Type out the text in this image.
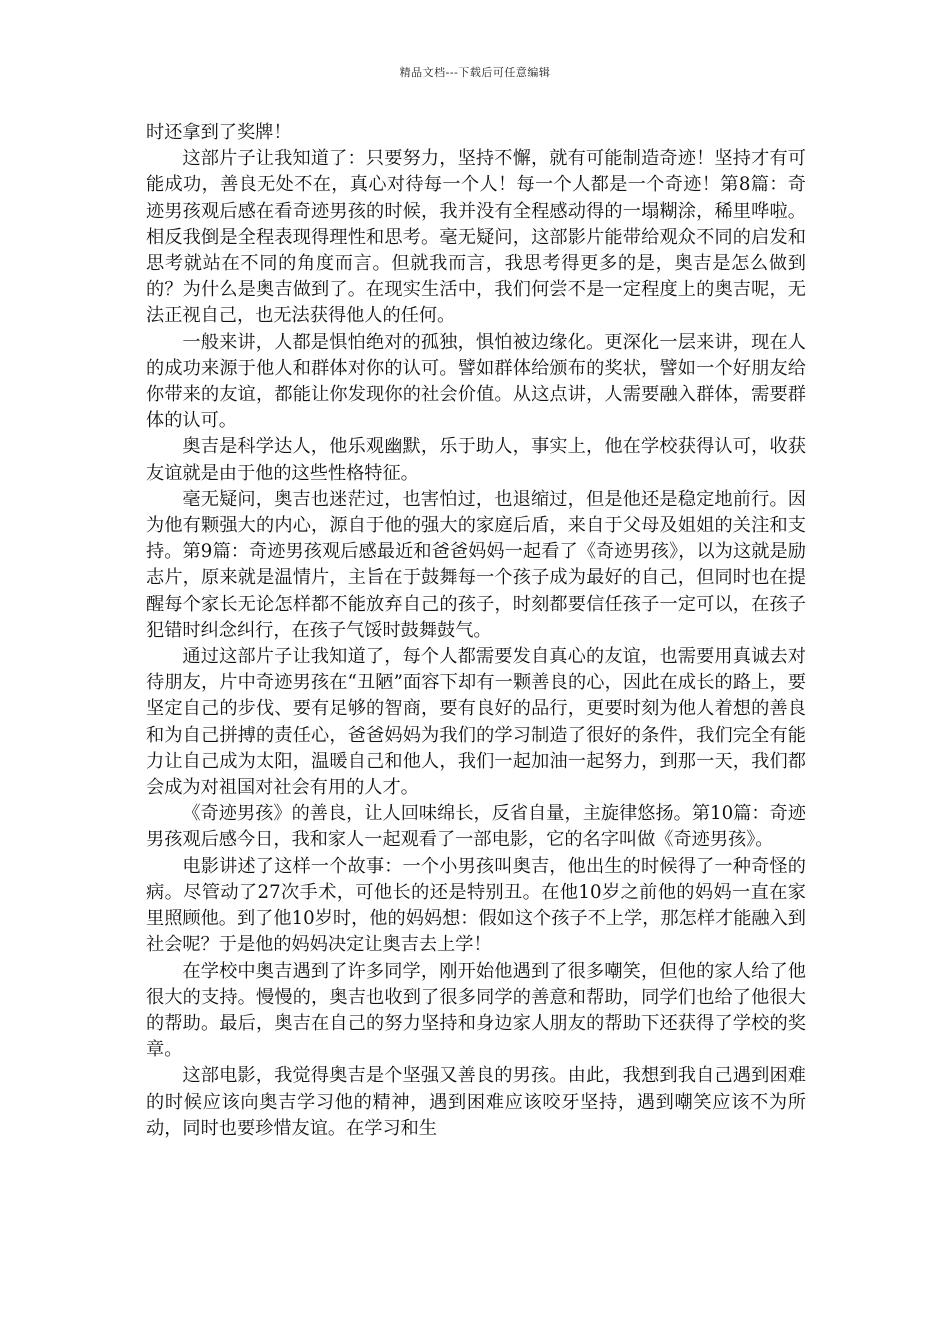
精品文档---下载后可任意编辑

时还拿到了奖牌！

这部片子让我知道了：只要努力，坚持不懈，就有可能制造奇迹！坚持才有可能成功，善良无处不在，真心对待每一个人！每一个人都是一个奇迹！第8篇：奇迹男孩观后感在看奇迹男孩的时候，我并没有全程感动得的一塌糊涂，稀里哗啦。相反我倒是全程表现得理性和思考。毫无疑问，这部影片能带给观众不同的启发和思考就站在不同的角度而言。但就我而言，我思考得更多的是，奥吉是怎么做到的？为什么是奥吉做到了。在现实生活中，我们何尝不是一定程度上的奥吉呢，无法正视自己，也无法获得他人的任何。

一般来讲，人都是惧怕绝对的孤独，惧怕被边缘化。更深化一层来讲，现在人的成功来源于他人和群体对你的认可。譬如群体给颁布的奖状，譬如一个好朋友给你带来的友谊，都能让你发现你的社会价值。从这点讲，人需要融入群体，需要群体的认可。

奥吉是科学达人，他乐观幽默，乐于助人，事实上，他在学校获得认可，收获友谊就是由于他的这些性格特征。

毫无疑问，奥吉也迷茫过，也害怕过，也退缩过，但是他还是稳定地前行。因为他有颗强大的内心，源自于他的强大的家庭后盾，来自于父母及姐姐的关注和支持。第9篇：奇迹男孩观后感最近和爸爸妈妈一起看了《奇迹男孩》，以为这就是励志片，原来就是温情片，主旨在于鼓舞每一个孩子成为最好的自己，但同时也在提醒每个家长无论怎样都不能放弃自己的孩子，时刻都要信任孩子一定可以，在孩子犯错时纠念纠行，在孩子气馁时鼓舞鼓气。

通过这部片子让我知道了，每个人都需要发自真心的友谊，也需要用真诚去对待朋友，片中奇迹男孩在“丑陋”面容下却有一颗善良的心，因此在成长的路上，要坚定自己的步伐、要有足够的智商，要有良好的品行，更要时刻为他人着想的善良和为自己拼搏的责任心，爸爸妈妈为我们的学习制造了很好的条件，我们完全有能力让自己成为太阳，温暖自己和他人，我们一起加油一起努力，到那一天，我们都会成为对祖国对社会有用的人才。

《奇迹男孩》的善良，让人回味绵长，反省自量，主旋律悠扬。第10篇：奇迹男孩观后感今日，我和家人一起观看了一部电影，它的名字叫做《奇迹男孩》。

电影讲述了这样一个故事：一个小男孩叫奥吉，他出生的时候得了一种奇怪的病。尽管动了27次手术，可他长的还是特别丑。在他10岁之前他的妈妈一直在家里照顾他。到了他10岁时，他的妈妈想：假如这个孩子不上学，那怎样才能融入到社会呢？于是他的妈妈决定让奥吉去上学！

在学校中奥吉遇到了许多同学，刚开始他遇到了很多嘲笑，但他的家人给了他很大的支持。慢慢的，奥吉也收到了很多同学的善意和帮助，同学们也给了他很大的帮助。最后，奥吉在自己的努力坚持和身边家人朋友的帮助下还获得了学校的奖章。

这部电影，我觉得奥吉是个坚强又善良的男孩。由此，我想到我自己遇到困难的时候应该向奥吉学习他的精神，遇到困难应该咬牙坚持，遇到嘲笑应该不为所动，同时也要珍惜友谊。在学习和生
